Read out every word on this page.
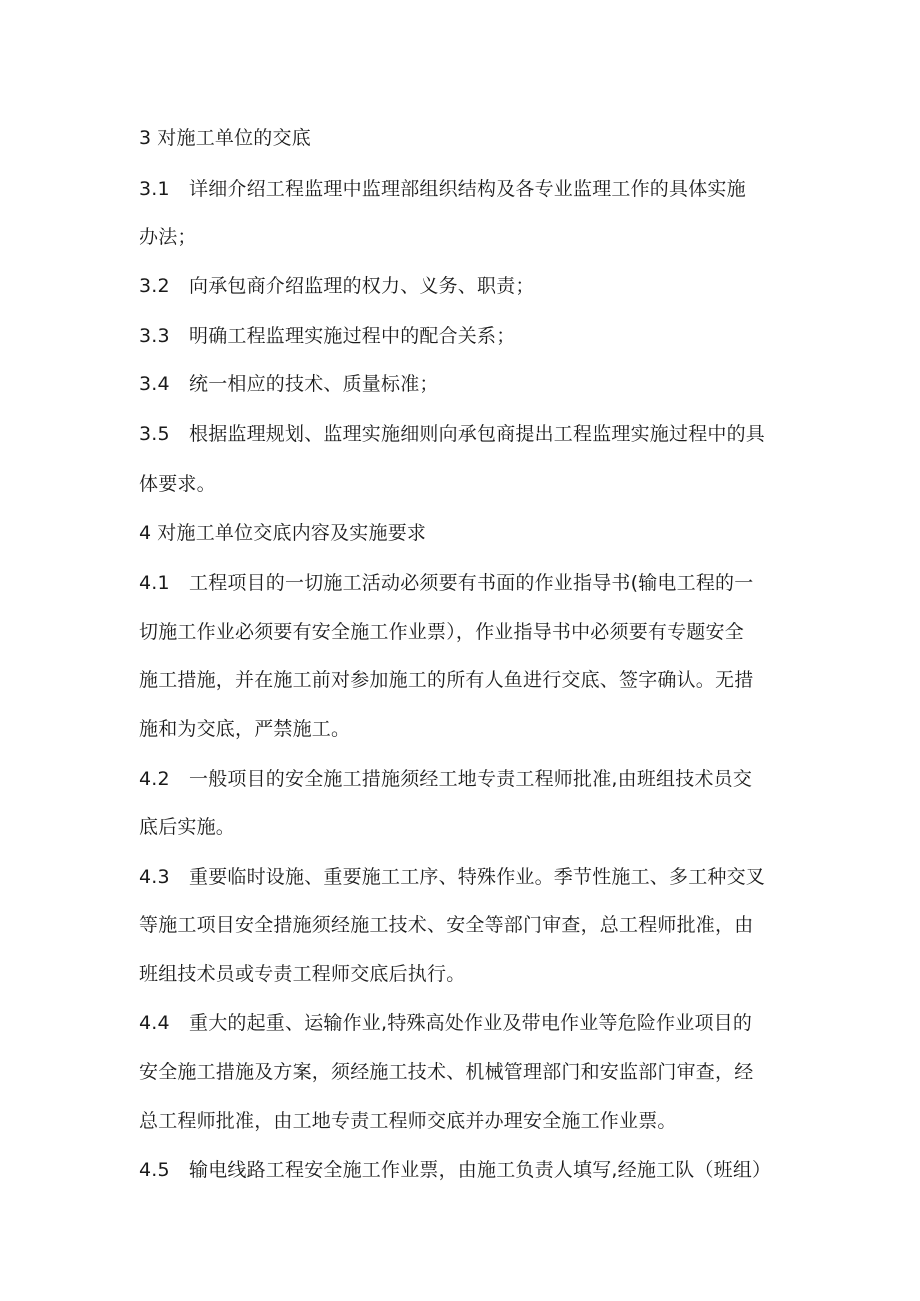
3 对施工单位的交底
3.1 详细介绍工程监理中监理部组织结构及各专业监理工作的具体实施
办法；
3.2 向承包商介绍监理的权力、义务、职责；
3.3 明确工程监理实施过程中的配合关系；
3.4 统一相应的技术、质量标准；
3.5 根据监理规划、监理实施细则向承包商提出工程监理实施过程中的具
体要求。
4 对施工单位交底内容及实施要求
4.1 工程项目的一切施工活动必须要有书面的作业指导书(输电工程的一
切施工作业必须要有安全施工作业票），作业指导书中必须要有专题安全
施工措施，并在施工前对参加施工的所有人鱼进行交底、签字确认。无措
施和为交底，严禁施工。
4.2 一般项目的安全施工措施须经工地专责工程师批准,由班组技术员交
底后实施。
4.3 重要临时设施、重要施工工序、特殊作业。季节性施工、多工种交叉
等施工项目安全措施须经施工技术、安全等部门审查，总工程师批准，由
班组技术员或专责工程师交底后执行。
4.4 重大的起重、运输作业,特殊高处作业及带电作业等危险作业项目的
安全施工措施及方案，须经施工技术、机械管理部门和安监部门审查，经
总工程师批准，由工地专责工程师交底并办理安全施工作业票。
4.5 输电线路工程安全施工作业票，由施工负责人填写,经施工队（班组）
